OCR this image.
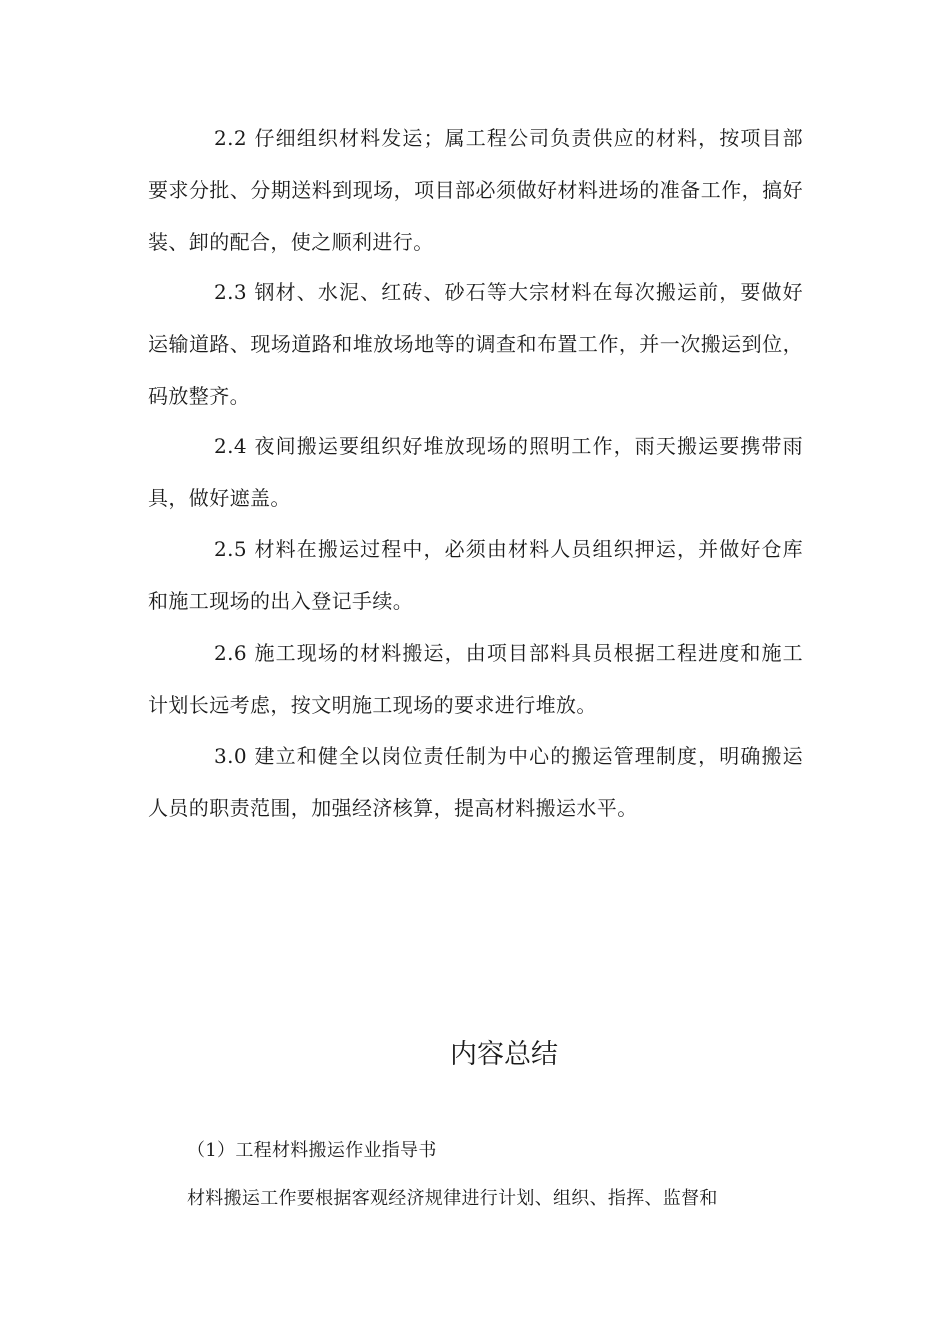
2.2 仔细组织材料发运；属工程公司负责供应的材料，按项目部要求分批、分期送料到现场，项目部必须做好材料进场的准备工作，搞好装、卸的配合，使之顺利进行。

2.3 钢材、水泥、红砖、砂石等大宗材料在每次搬运前，要做好运输道路、现场道路和堆放场地等的调查和布置工作，并一次搬运到位，码放整齐。

2.4 夜间搬运要组织好堆放现场的照明工作，雨天搬运要携带雨具，做好遮盖。

2.5 材料在搬运过程中，必须由材料人员组织押运，并做好仓库和施工现场的出入登记手续。

2.6 施工现场的材料搬运，由项目部料具员根据工程进度和施工计划长远考虑，按文明施工现场的要求进行堆放。

3.0 建立和健全以岗位责任制为中心的搬运管理制度，明确搬运人员的职责范围，加强经济核算，提高材料搬运水平。

内容总结

（1）工程材料搬运作业指导书

材料搬运工作要根据客观经济规律进行计划、组织、指挥、监督和
